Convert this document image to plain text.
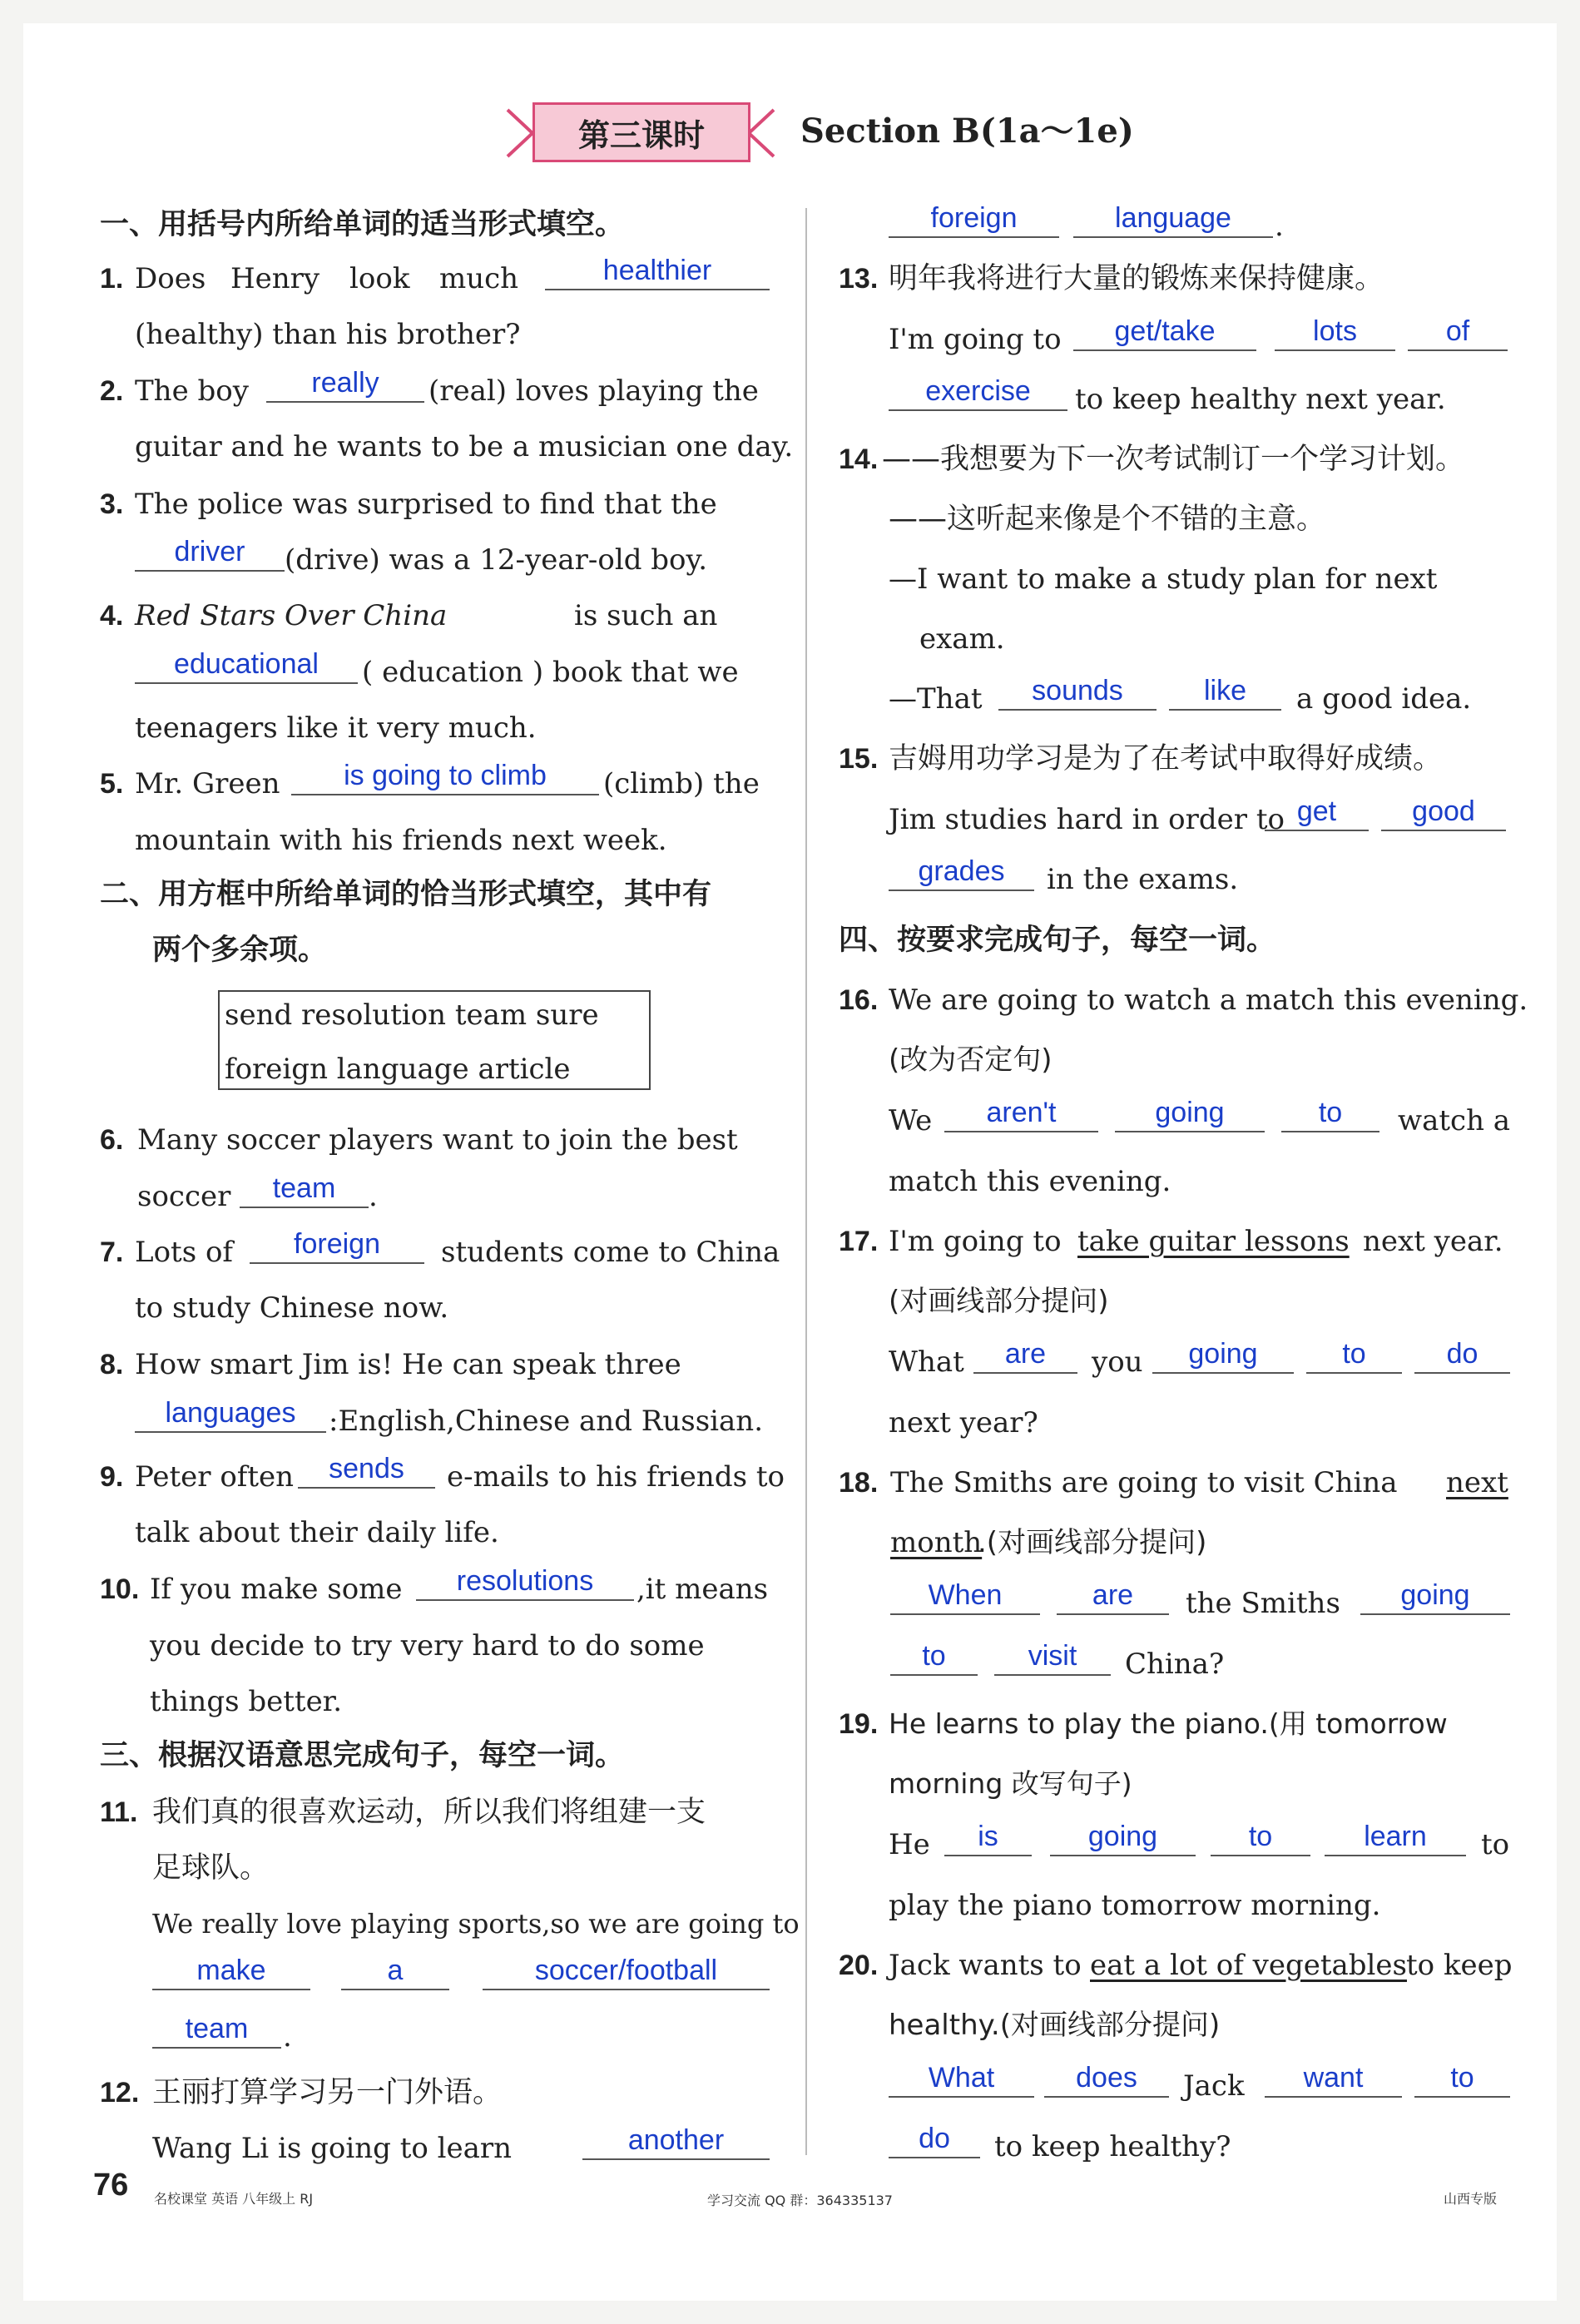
第三课时	Section B(1a～1e)
一、用括号内所给单词的适当形式填空。
1. Does Henry look much	healthier
(healthy) than his brother?
2. The boy	really	(real) loves playing the
guitar and he wants to be a musician one day.
3. The police was surprised to find that the
driver	(drive) was a 12-year-old boy.
4. Red Stars Over China	is such an
educational	( education ) book that we
teenagers like it very much.
5. Mr. Green	is going to climb	(climb) the
mountain with his friends next week.
二、用方框中所给单词的恰当形式填空，其中有
两个多余项。
send resolution team sure
foreign language article
6. Many soccer players want to join the best
soccer	team	.
7. Lots of	foreign	students come to China
to study Chinese now.
8. How smart Jim is! He can speak three
languages	:English,Chinese and Russian.
9. Peter often	sends	e-mails to his friends to
talk about their daily life.
10. If you make some	resolutions	,it means
you decide to try very hard to do some
things better.
三、根据汉语意思完成句子，每空一词。
11. 我们真的很喜欢运动，所以我们将组建一支
足球队。
We really love playing sports,so we are going to
make	a	soccer/football
team	.
12. 王丽打算学习另一门外语。
Wang Li is going to learn	another
foreign	language	.
13. 明年我将进行大量的锻炼来保持健康。
I'm going to	get/take	lots	of
exercise	to keep healthy next year.
14. ——我想要为下一次考试制订一个学习计划。
——这听起来像是个不错的主意。
—I want to make a study plan for next
exam.
—That	sounds	like	a good idea.
15. 吉姆用功学习是为了在考试中取得好成绩。
Jim studies hard in order to get	good
grades	in the exams.
四、按要求完成句子，每空一词。
16. We are going to watch a match this evening.
(改为否定句)
We	aren't	going	to	watch a
match this evening.
17. I'm going to take guitar lessons next year.
(对画线部分提问)
What	are	you	going	to	do
next year?
18. The Smiths are going to visit China next
month
.(对画线部分提问)
When	are	the Smiths	going
to	visit	China?
19. He learns to play the piano.(用 tomorrow
morning 改写句子)
He	is	going	to	learn	to
play the piano tomorrow morning.
20. Jack wants to eat a lot of vegetables to keep
healthy.(对画线部分提问)
What	does	Jack	want	to
do	to keep healthy?
76 名校课堂 英语 八年级上 RJ	学习交流 QQ 群：364335137	山西专版
